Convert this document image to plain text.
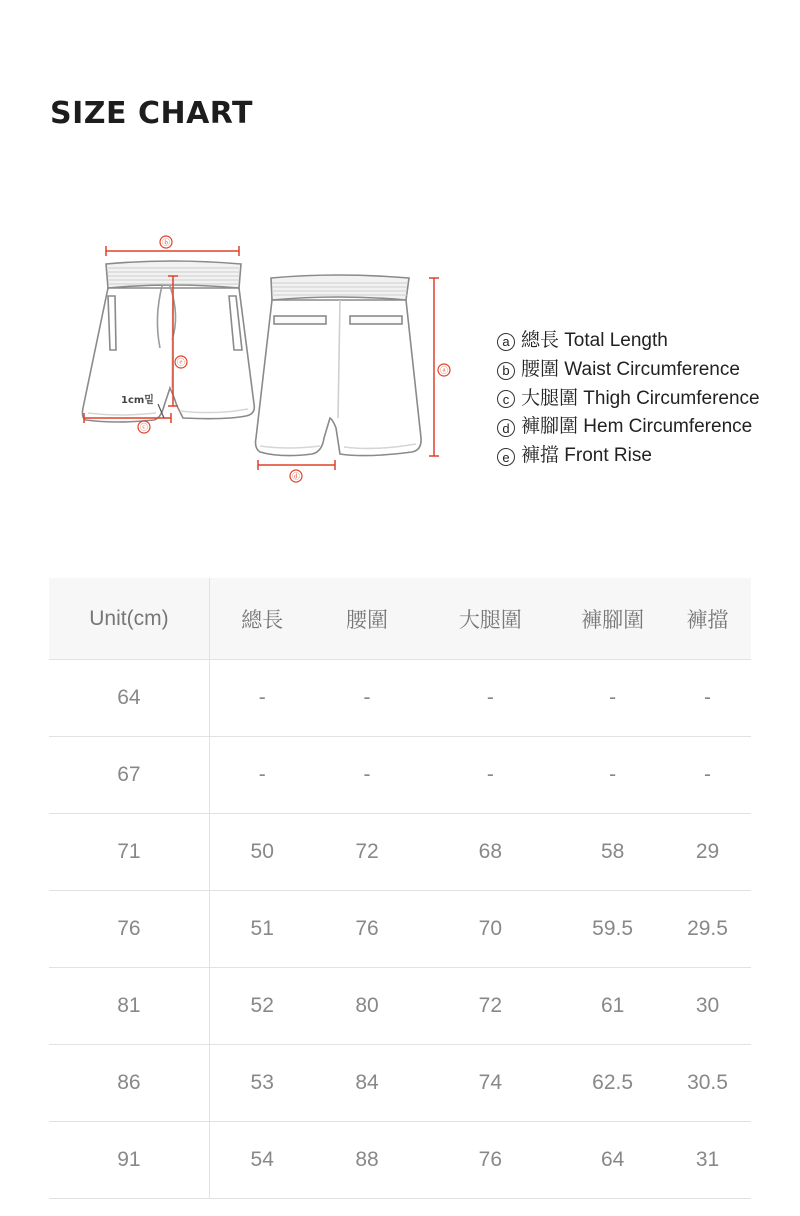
SIZE CHART
ⓑ
ⓔ
ⓒ
ⓐ
ⓓ
1cm밑
a 總長 Total Length
b 腰圍 Waist Circumference
c 大腿圍 Thigh Circumference
d 褲腳圍 Hem Circumference
e 褲擋 Front Rise
Unit(cm)	總長	腰圍	大腿圍	褲腳圍	褲擋
64	-	-	-	-	-
67	-	-	-	-	-
71	50	72	68	58	29
76	51	76	70	59.5	29.5
81	52	80	72	61	30
86	53	84	74	62.5	30.5
91	54	88	76	64	31
